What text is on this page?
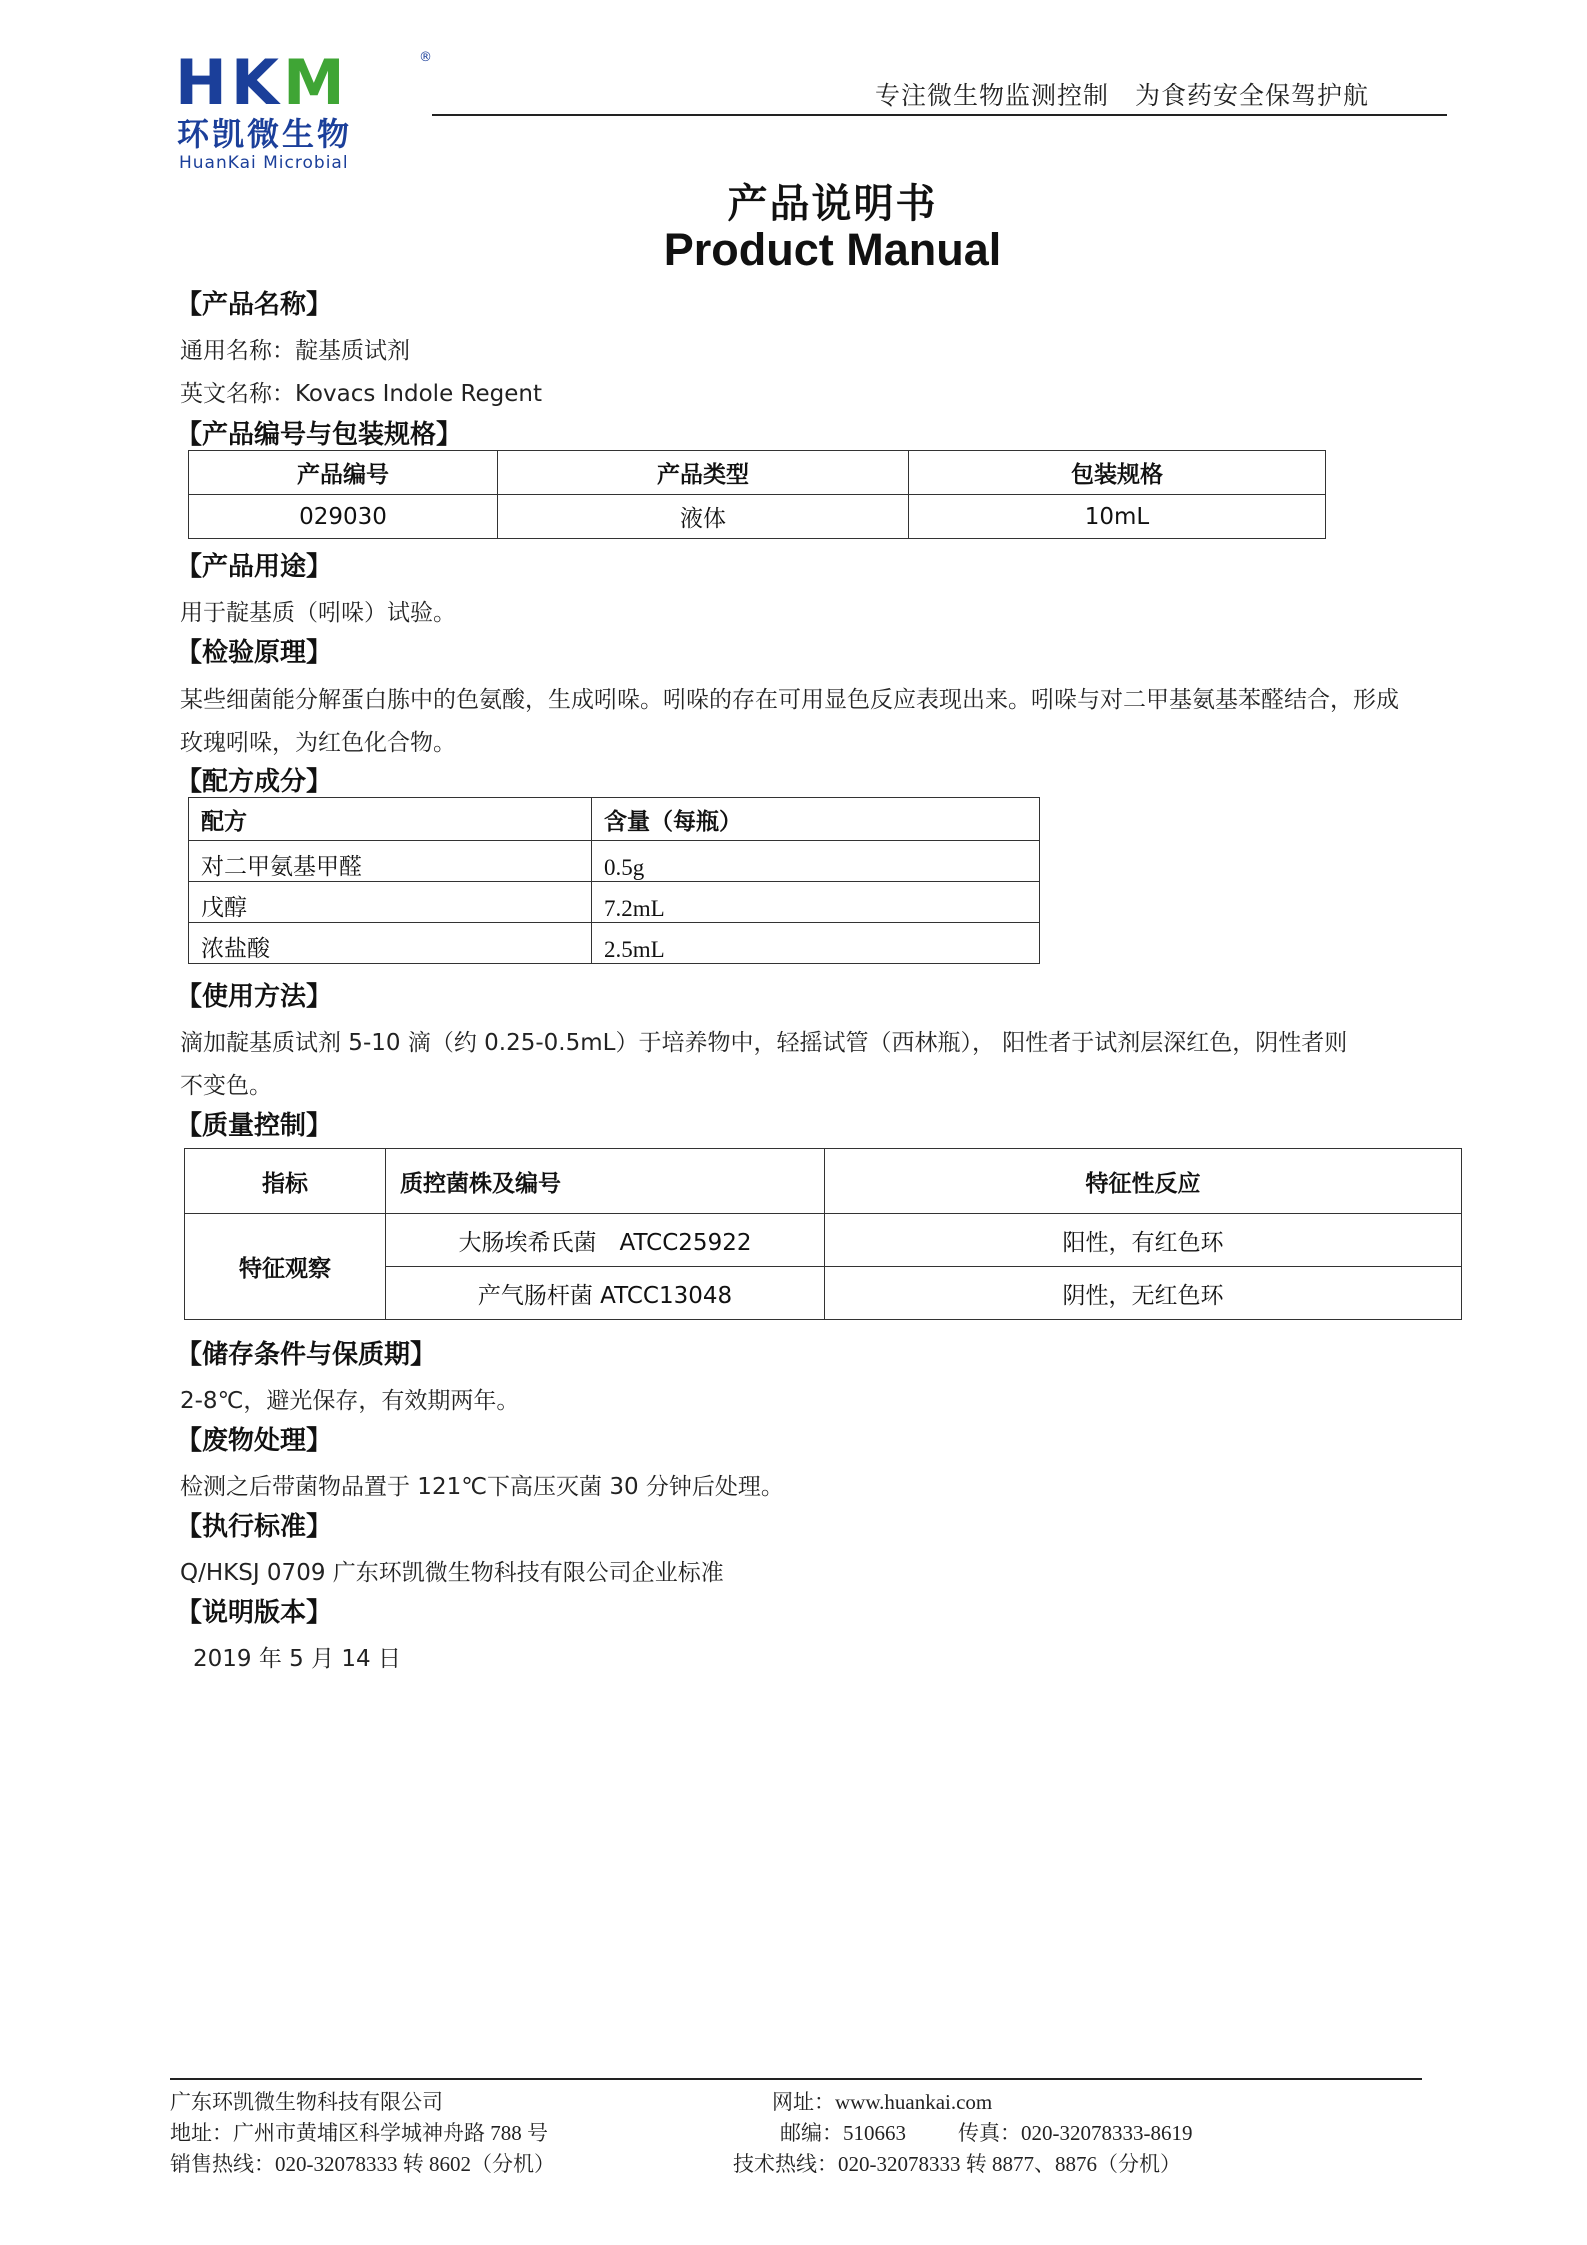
HKM	®
环凯微生物
HuanKai Microbial
专注微生物监测控制　为食药安全保驾护航
产品说明书
Product Manual
【产品名称】
通用名称：靛基质试剂
英文名称：Kovacs Indole Regent
【产品编号与包装规格】
产品编号	产品类型	包装规格
029030	液体	10mL
【产品用途】
用于靛基质（吲哚）试验。
【检验原理】
某些细菌能分解蛋白胨中的色氨酸，生成吲哚。吲哚的存在可用显色反应表现出来。吲哚与对二甲基氨基苯醛结合，形成
玫瑰吲哚，为红色化合物。
【配方成分】
配方	含量（每瓶）
对二甲氨基甲醛	0.5g
戊醇	7.2mL
浓盐酸	2.5mL
【使用方法】
滴加靛基质试剂 5-10 滴（约 0.25-0.5mL）于培养物中，轻摇试管（西林瓶）， 阳性者于试剂层深红色，阴性者则
不变色。
【质量控制】
指标	质控菌株及编号	特征性反应
特征观察	大肠埃希氏菌　ATCC25922	阳性，有红色环
	产气肠杆菌 ATCC13048	阴性，无红色环
【储存条件与保质期】
2-8℃，避光保存，有效期两年。
【废物处理】
检测之后带菌物品置于 121℃下高压灭菌 30 分钟后处理。
【执行标准】
Q/HKSJ 0709 广东环凯微生物科技有限公司企业标准
【说明版本】
2019 年 5 月 14 日
广东环凯微生物科技有限公司	网址：www.huankai.com
地址：广州市黄埔区科学城神舟路 788 号	邮编：510663 传真：020-32078333-8619
销售热线：020-32078333 转 8602（分机）	技术热线：020-32078333 转 8877、8876（分机）
